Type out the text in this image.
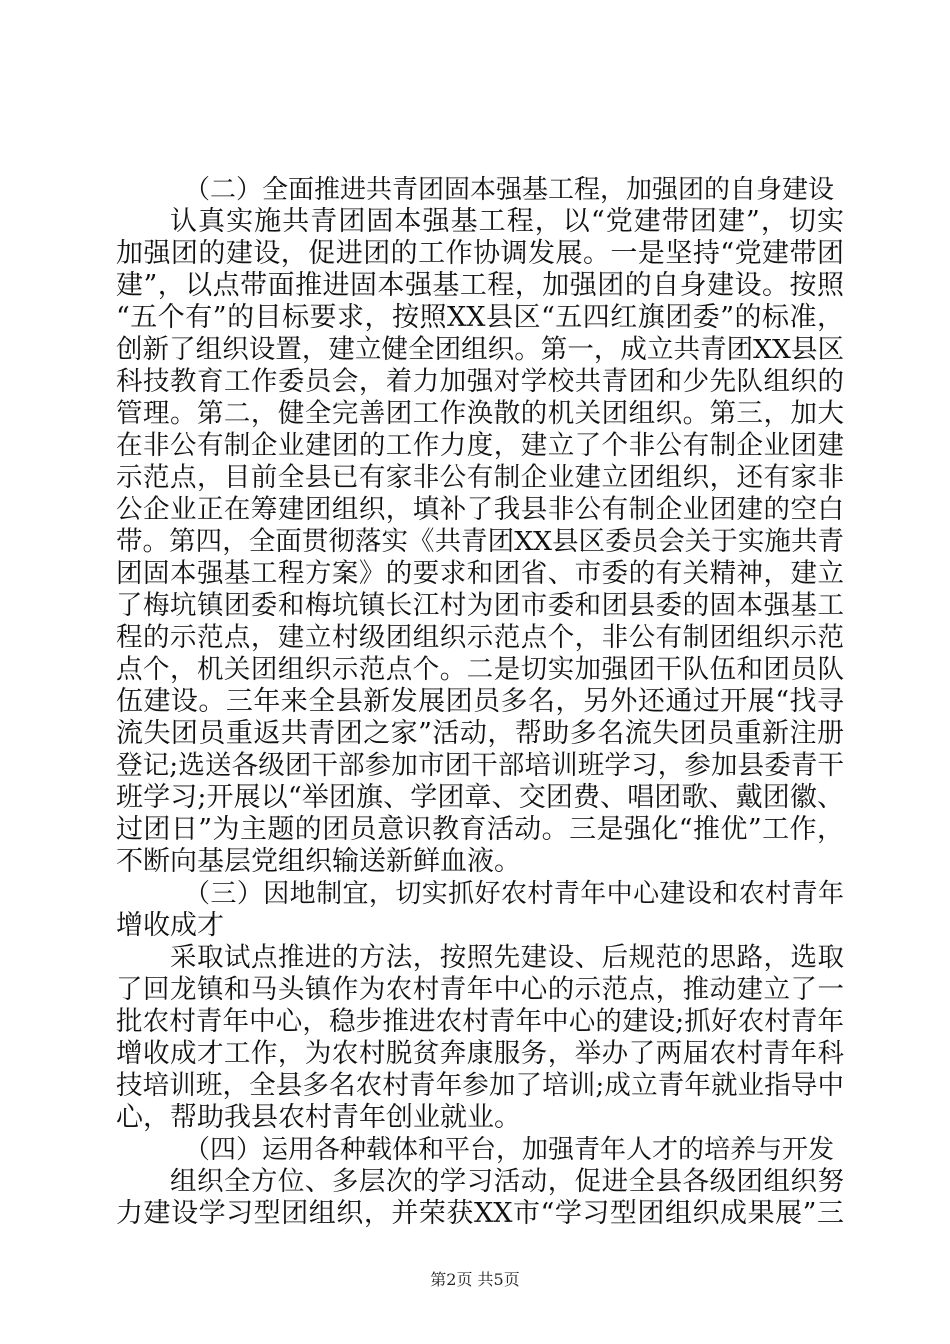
（二）全面推进共青团固本强基工程，加强团的自身建设
认真实施共青团固本强基工程，以“党建带团建”，切实
加强团的建设，促进团的工作协调发展。一是坚持“党建带团
建”，以点带面推进固本强基工程，加强团的自身建设。按照
“五个有”的目标要求，按照XX县区“五四红旗团委”的标准，
创新了组织设置，建立健全团组织。第一，成立共青团XX县区
科技教育工作委员会，着力加强对学校共青团和少先队组织的
管理。第二，健全完善团工作涣散的机关团组织。第三，加大
在非公有制企业建团的工作力度，建立了个非公有制企业团建
示范点，目前全县已有家非公有制企业建立团组织，还有家非
公企业正在筹建团组织，填补了我县非公有制企业团建的空白
带。第四，全面贯彻落实《共青团XX县区委员会关于实施共青
团固本强基工程方案》的要求和团省、市委的有关精神，建立
了梅坑镇团委和梅坑镇长江村为团市委和团县委的固本强基工
程的示范点，建立村级团组织示范点个，非公有制团组织示范
点个，机关团组织示范点个。二是切实加强团干队伍和团员队
伍建设。三年来全县新发展团员多名，另外还通过开展“找寻
流失团员重返共青团之家”活动，帮助多名流失团员重新注册
登记;选送各级团干部参加市团干部培训班学习，参加县委青干
班学习;开展以“举团旗、学团章、交团费、唱团歌、戴团徽、
过团日”为主题的团员意识教育活动。三是强化“推优”工作，
不断向基层党组织输送新鲜血液。
（三）因地制宜，切实抓好农村青年中心建设和农村青年
增收成才
采取试点推进的方法，按照先建设、后规范的思路，选取
了回龙镇和马头镇作为农村青年中心的示范点，推动建立了一
批农村青年中心，稳步推进农村青年中心的建设;抓好农村青年
增收成才工作，为农村脱贫奔康服务，举办了两届农村青年科
技培训班，全县多名农村青年参加了培训;成立青年就业指导中
心，帮助我县农村青年创业就业。
（四）运用各种载体和平台，加强青年人才的培养与开发
组织全方位、多层次的学习活动，促进全县各级团组织努
力建设学习型团组织，并荣获XX市“学习型团组织成果展”三
第2页 共5页
